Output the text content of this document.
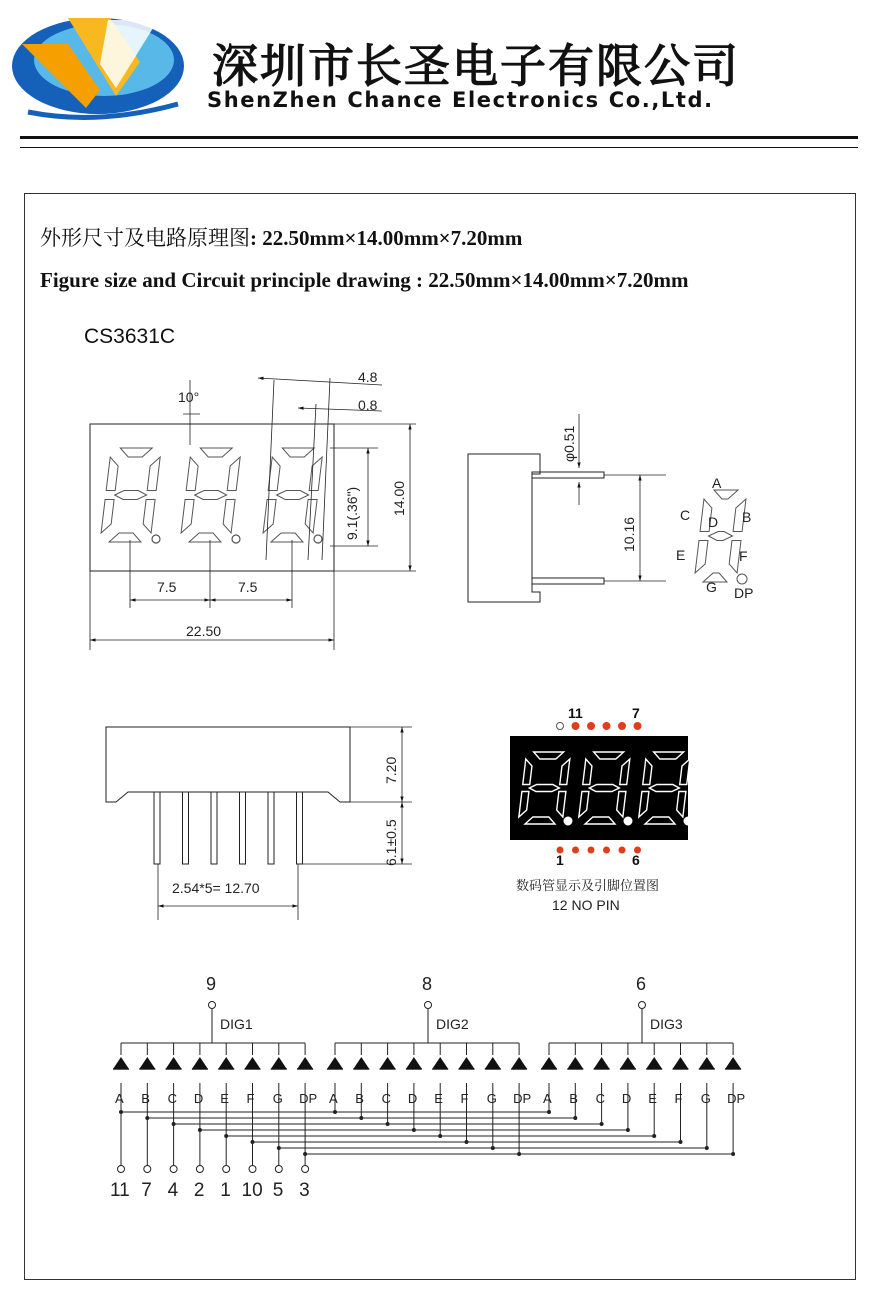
深圳市长圣电子有限公司
ShenZhen Chance Electronics Co.,Ltd.
外形尺寸及电路原理图: 22.50mm×14.00mm×7.20mm
Figure size and Circuit principle drawing : 22.50mm×14.00mm×7.20mm
CS3631C
10°
4.8
0.8
9.1(.36") 14.00
7.5	7.5
22.50
φ0.51
10.16
A
B
C D
E	F
G DP
7.20
6.1±0.5
2.54*5= 12.70
11	7
1	6
数码管显示及引脚位置图
12 NO PIN
9
DIG1
A B C D E F G DP
8
DIG2
A B C D E F G DP
6
DIG3
A B C D E F G DP
11 7 4 2 1 10 5 3
